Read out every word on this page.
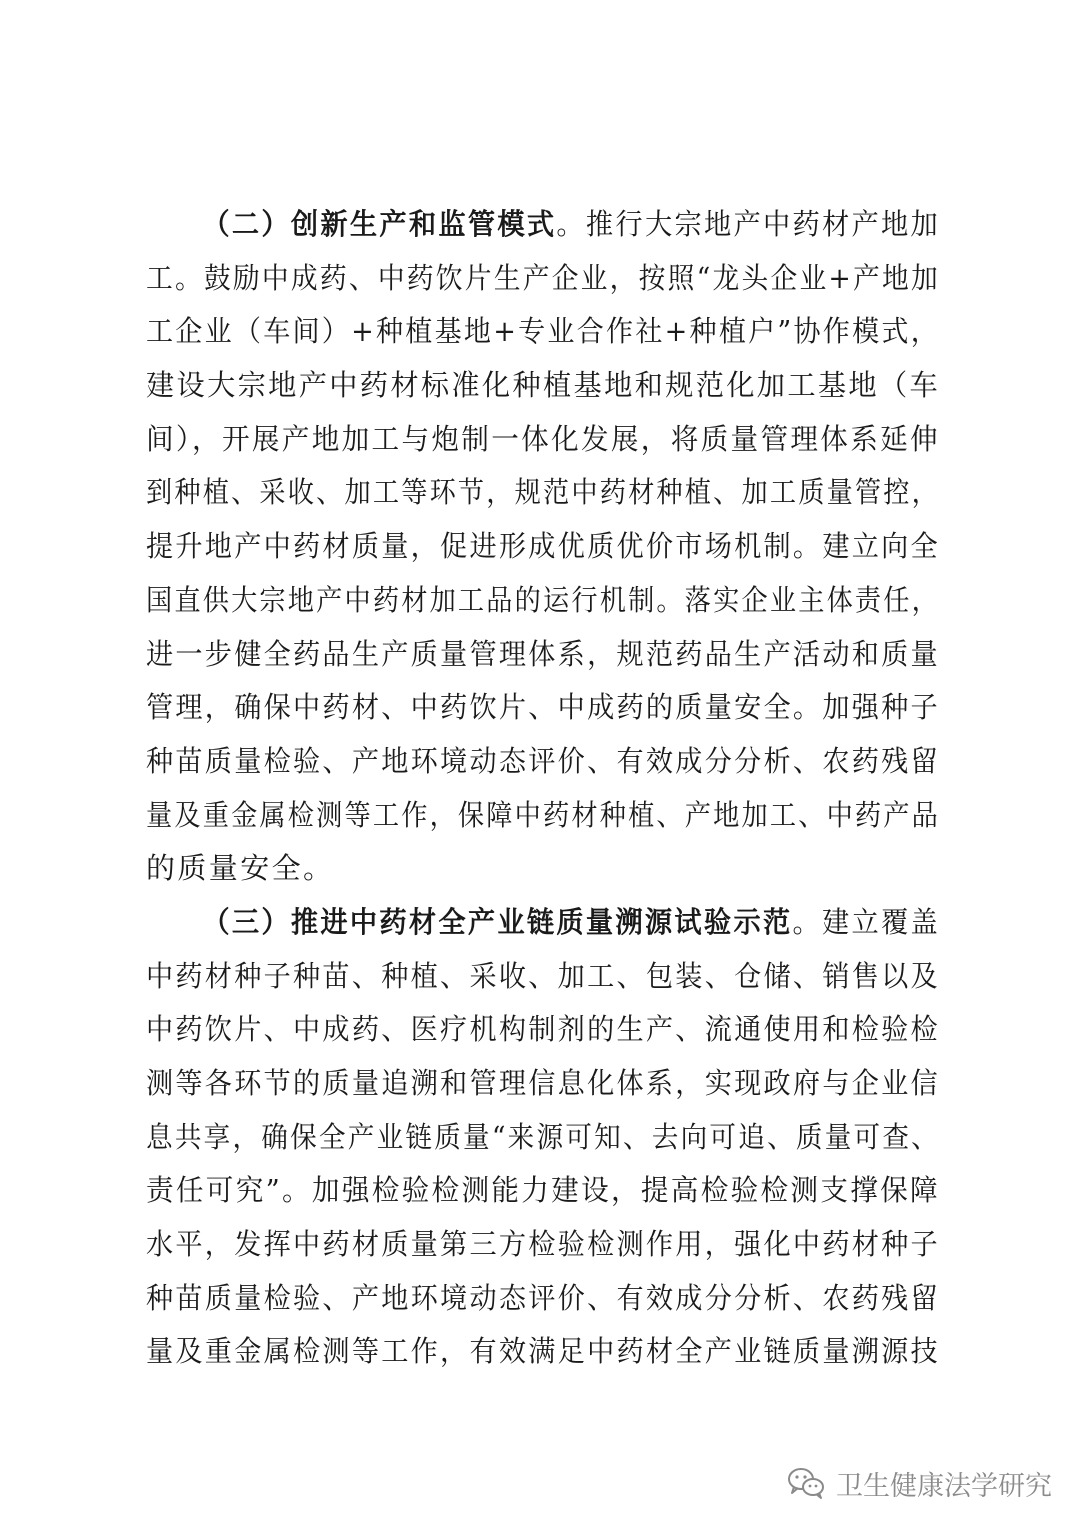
（二）创新生产和监管模式。推行大宗地产中药材产地加
工。鼓励中成药、中药饮片生产企业，按照“龙头企业+产地加
工企业（车间）+种植基地+专业合作社+种植户”协作模式，
建设大宗地产中药材标准化种植基地和规范化加工基地（车
间），开展产地加工与炮制一体化发展，将质量管理体系延伸
到种植、采收、加工等环节，规范中药材种植、加工质量管控，
提升地产中药材质量，促进形成优质优价市场机制。建立向全
国直供大宗地产中药材加工品的运行机制。落实企业主体责任，
进一步健全药品生产质量管理体系，规范药品生产活动和质量
管理，确保中药材、中药饮片、中成药的质量安全。加强种子
种苗质量检验、产地环境动态评价、有效成分分析、农药残留
量及重金属检测等工作，保障中药材种植、产地加工、中药产品
的质量安全。
（三）推进中药材全产业链质量溯源试验示范。建立覆盖
中药材种子种苗、种植、采收、加工、包装、仓储、销售以及
中药饮片、中成药、医疗机构制剂的生产、流通使用和检验检
测等各环节的质量追溯和管理信息化体系，实现政府与企业信
息共享，确保全产业链质量“来源可知、去向可追、质量可查、
责任可究”。加强检验检测能力建设，提高检验检测支撑保障
水平，发挥中药材质量第三方检验检测作用，强化中药材种子
种苗质量检验、产地环境动态评价、有效成分分析、农药残留
量及重金属检测等工作，有效满足中药材全产业链质量溯源技
卫生健康法学研究
